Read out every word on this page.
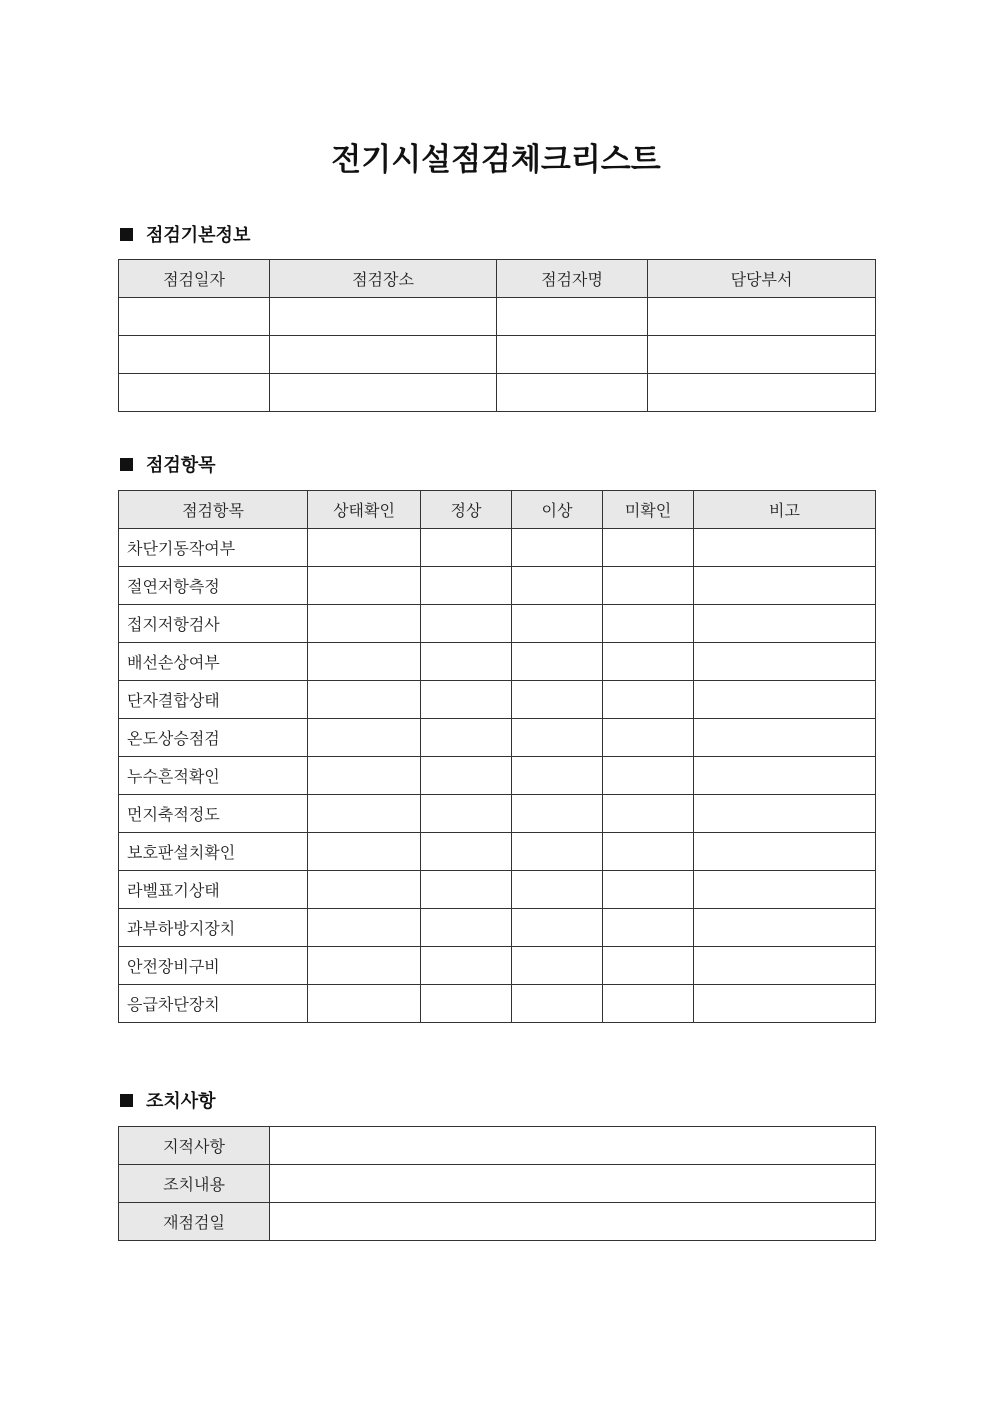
전기시설점검체크리스트
점검기본정보
점검일자	점검장소	점검자명	담당부서

점검항목
점검항목	상태확인	정상	이상	미확인	비고
차단기동작여부					
절연저항측정					
접지저항검사					
배선손상여부					
단자결합상태					
온도상승점검					
누수흔적확인					
먼지축적정도					
보호판설치확인					
라벨표기상태					
과부하방지장치					
안전장비구비					
응급차단장치					
조치사항
지적사항	
조치내용	
재점검일	
